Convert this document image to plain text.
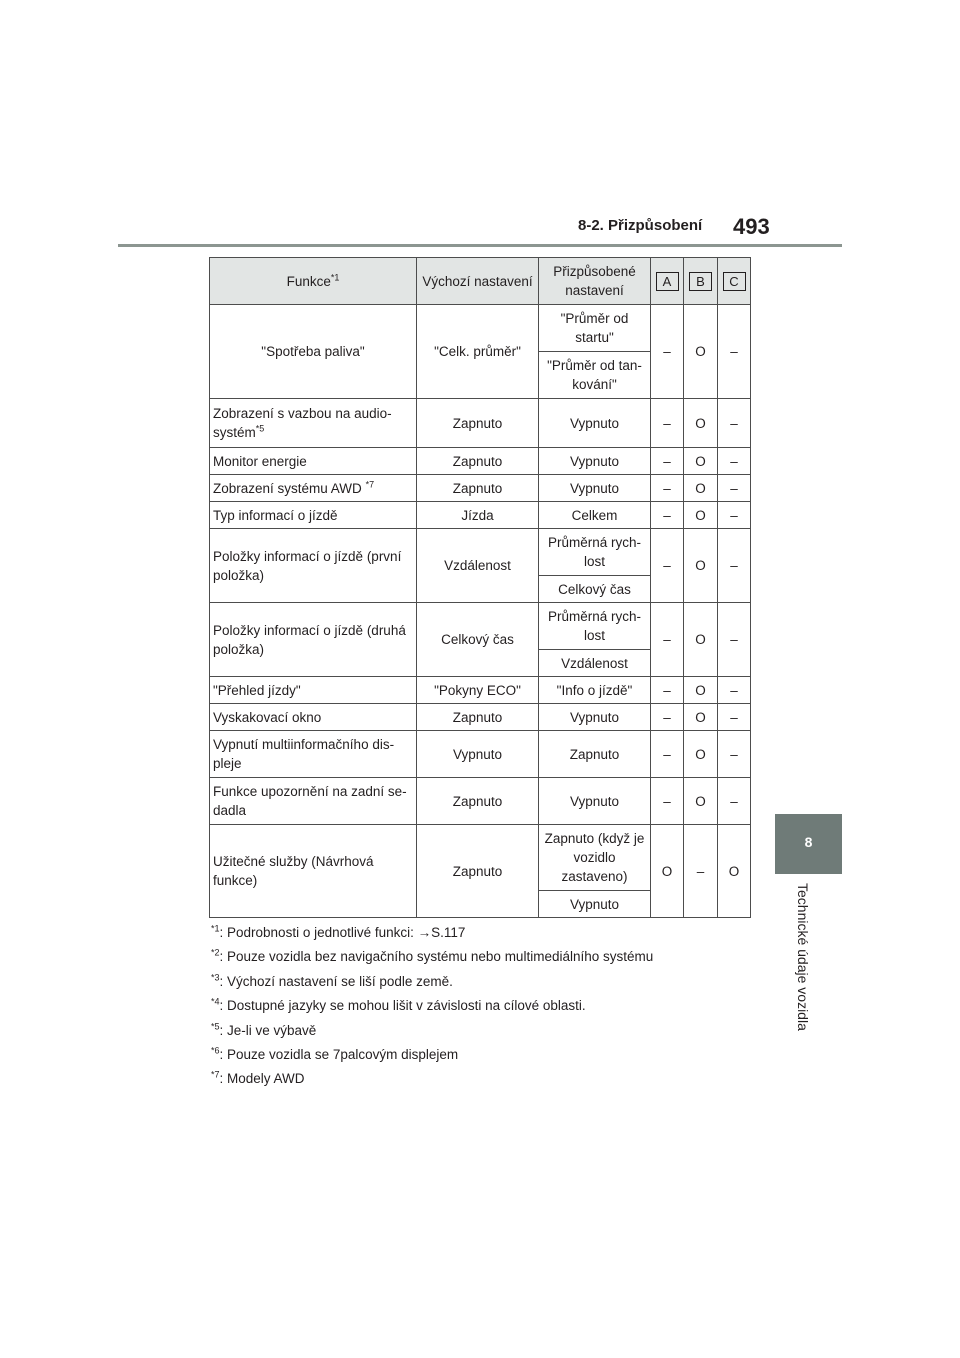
8-2. Přizpůsobení 493
8
Technické údaje vozidla
Funkce$^{*1}$	Výchozí nastavení	Přizpůsobené nastavení	A	B	C
"Spotřeba paliva"	"Celk. průměr"	"Průměr od startu"	–	O	–
		"Průměr od tan-kování"			
Zobrazení s vazbou na audio-systém$^{*5}$	Zapnuto	Vypnuto	–	O	–
Monitor energie	Zapnuto	Vypnuto	–	O	–
Zobrazení systému AWD $^{*7}$	Zapnuto	Vypnuto	–	O	–
Typ informací o jízdě	Jízda	Celkem	–	O	–
Položky informací o jízdě (první položka)	Vzdálenost	Průměrná rych-lost	–	O	–
		Celkový čas			
Položky informací o jízdě (druhá položka)	Celkový čas	Průměrná rych-lost	–	O	–
		Vzdálenost			
"Přehled jízdy"	"Pokyny ECO"	"Info o jízdě"	–	O	–
Vyskakovací okno	Zapnuto	Vypnuto	–	O	–
Vypnutí multiinformačního dis-pleje	Vypnuto	Zapnuto	–	O	–
Funkce upozornění na zadní se-dadla	Zapnuto	Vypnuto	–	O	–
Užitečné služby (Návrhová funkce)	Zapnuto	Zapnuto (když je vozidlo zastaveno)	O	–	O
		Vypnuto			
$^{*1}$: Podrobnosti o jednotlivé funkci: →S.117
$^{*2}$: Pouze vozidla bez navigačního systému nebo multimediálního systému
$^{*3}$: Výchozí nastavení se liší podle země.
$^{*4}$: Dostupné jazyky se mohou lišit v závislosti na cílové oblasti.
$^{*5}$: Je-li ve výbavě
$^{*6}$: Pouze vozidla se 7palcovým displejem
$^{*7}$: Modely AWD
